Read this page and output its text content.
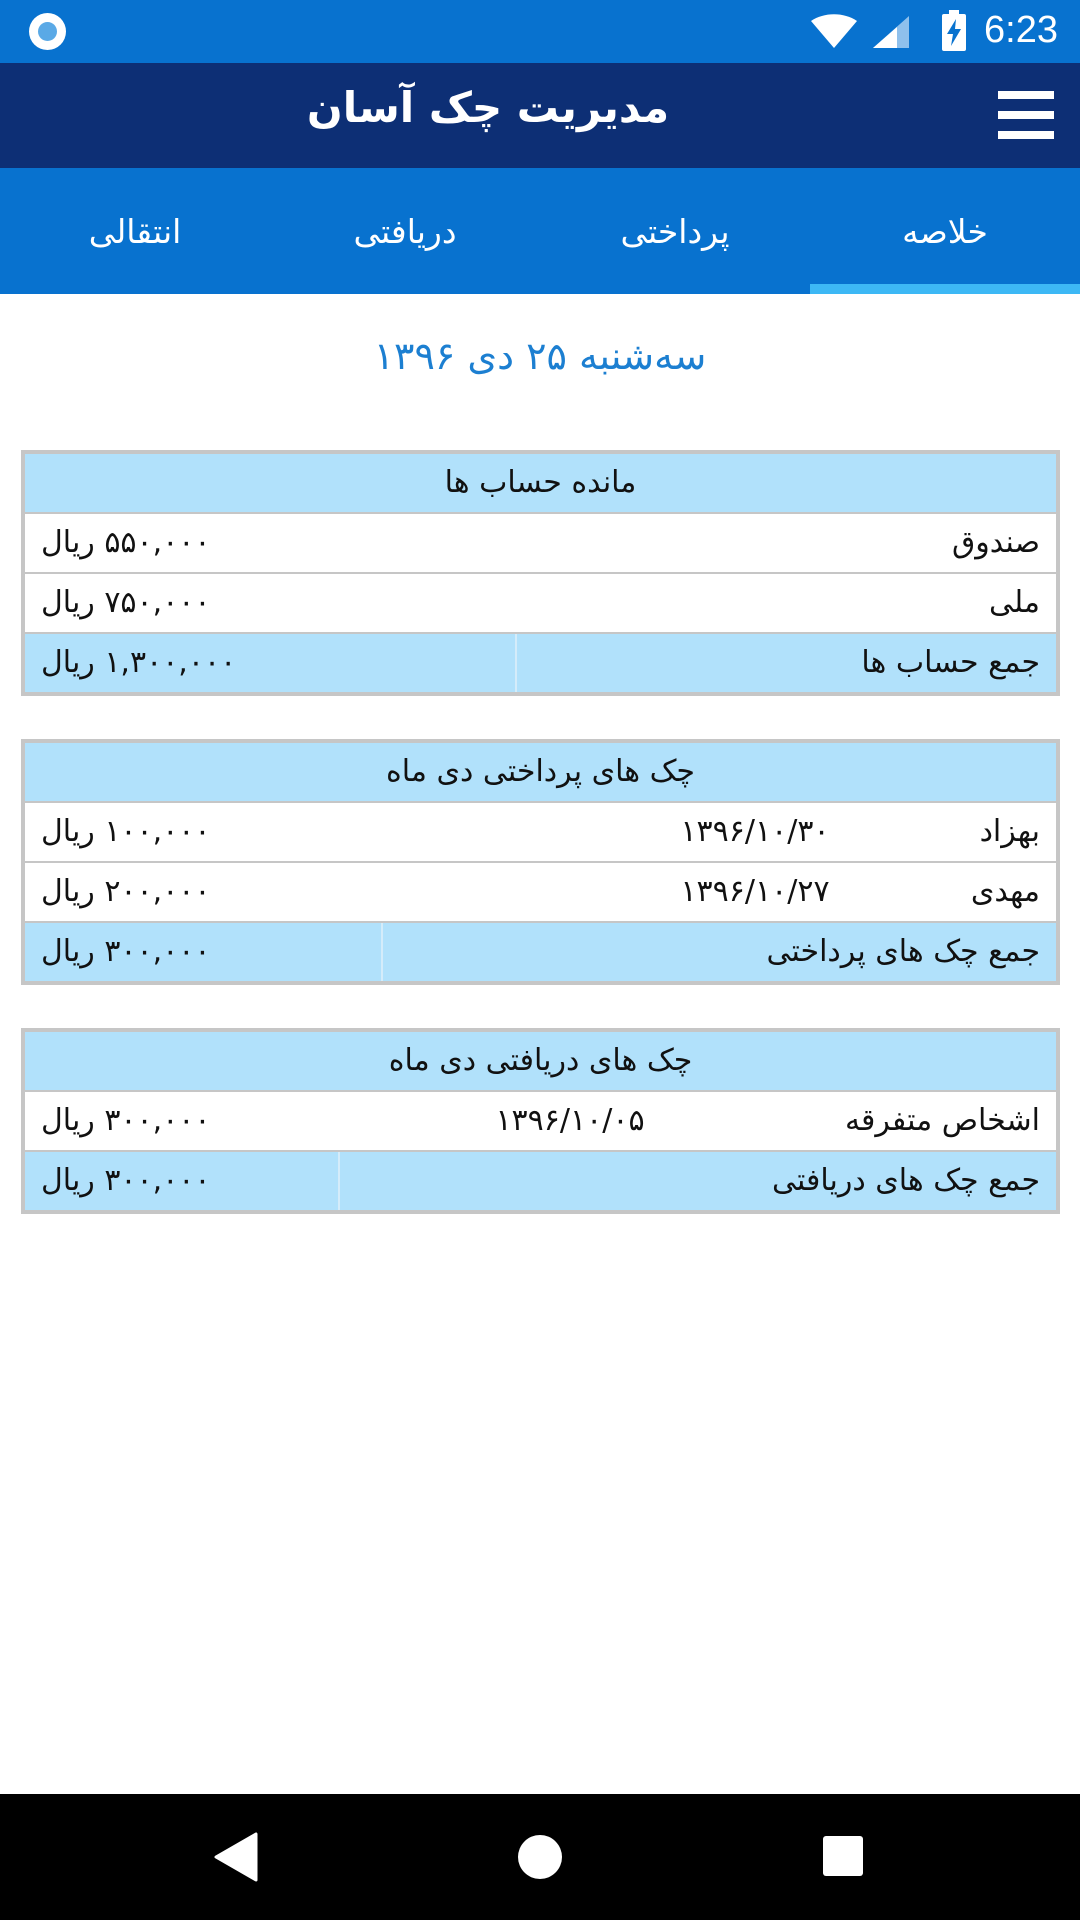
6:23
مدیریت چک آسان
خلاصه
پرداختی
دریافتی
انتقالی
سه‌شنبه ۲۵ دی ۱۳۹۶
مانده حساب ها
صندوق
۵۵۰,۰۰۰ ریال
ملی
۷۵۰,۰۰۰ ریال
جمع حساب ها
۱,۳۰۰,۰۰۰ ریال
چک های پرداختی دی ماه
بهزاد
۱۳۹۶/۱۰/۳۰
۱۰۰,۰۰۰ ریال
مهدی
۱۳۹۶/۱۰/۲۷
۲۰۰,۰۰۰ ریال
جمع چک های پرداختی
۳۰۰,۰۰۰ ریال
چک های دریافتی دی ماه
اشخاص متفرقه
۱۳۹۶/۱۰/۰۵
۳۰۰,۰۰۰ ریال
جمع چک های دریافتی
۳۰۰,۰۰۰ ریال
